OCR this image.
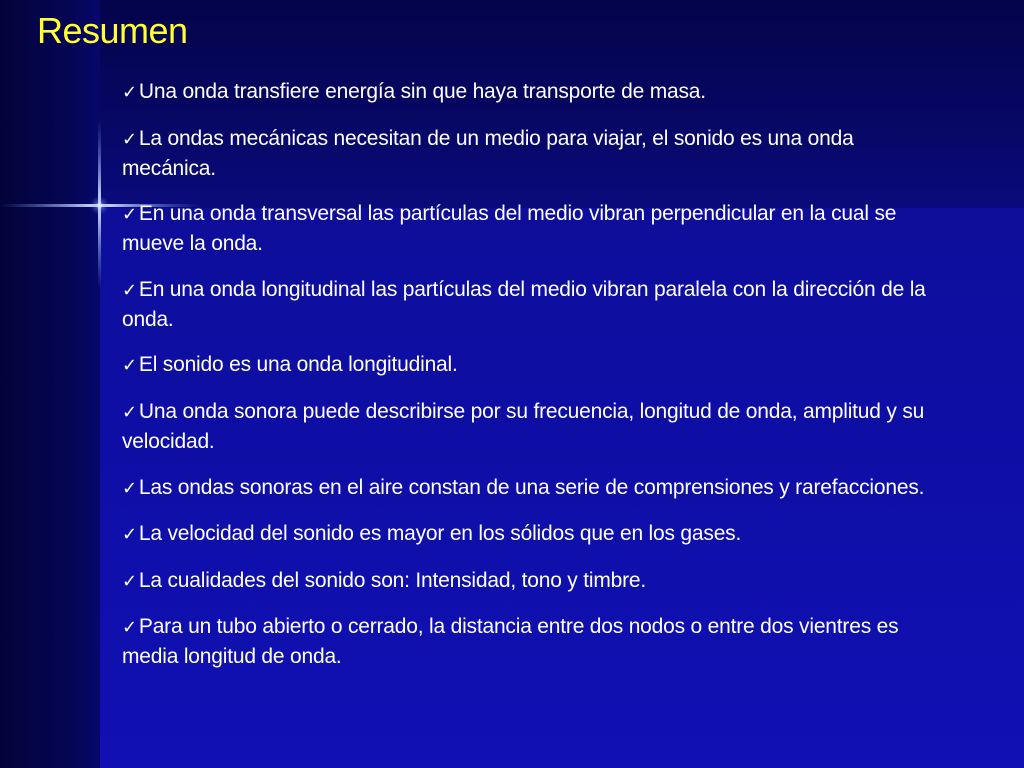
Resumen
✓Una onda transfiere energía sin que haya transporte de masa.
✓La ondas mecánicas necesitan de un medio para viajar, el sonido es una onda mecánica.
✓En una onda transversal las partículas del medio vibran perpendicular en la cual se mueve la onda.
✓En una onda longitudinal las partículas del medio vibran paralela con la dirección de la onda.
✓El sonido es una onda longitudinal.
✓Una onda sonora puede describirse por su frecuencia, longitud de onda, amplitud y su velocidad.
✓Las ondas sonoras en el aire constan de una serie de comprensiones y rarefacciones.
✓La velocidad del sonido es mayor en los sólidos que en los gases.
✓La cualidades del sonido son: Intensidad, tono y timbre.
✓Para un tubo abierto o cerrado, la distancia entre dos nodos o entre dos vientres es media longitud de onda.
